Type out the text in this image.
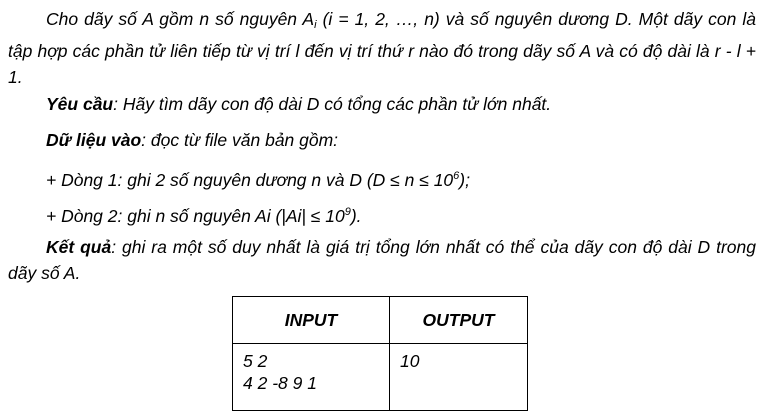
Cho dãy số A gồm n số nguyên $A_i$ (i = 1, 2, …, n) và số nguyên dương D. Một dãy con là tập hợp các phần tử liên tiếp từ vị trí l đến vị trí thứ r nào đó trong dãy số A và có độ dài là r - l + 1.

Yêu cầu: Hãy tìm dãy con độ dài D có tổng các phần tử lớn nhất.

Dữ liệu vào: đọc từ file văn bản gồm:

+ Dòng 1: ghi 2 số nguyên dương n và D $(D \le n \le 10^6)$;

+ Dòng 2: ghi n số nguyên Ai $(|Ai| \le 10^9)$.

Kết quả: ghi ra một số duy nhất là giá trị tổng lớn nhất có thể của dãy con độ dài D trong dãy số A.

INPUT	OUTPUT

5 2
4 2 -8 9 1	10
